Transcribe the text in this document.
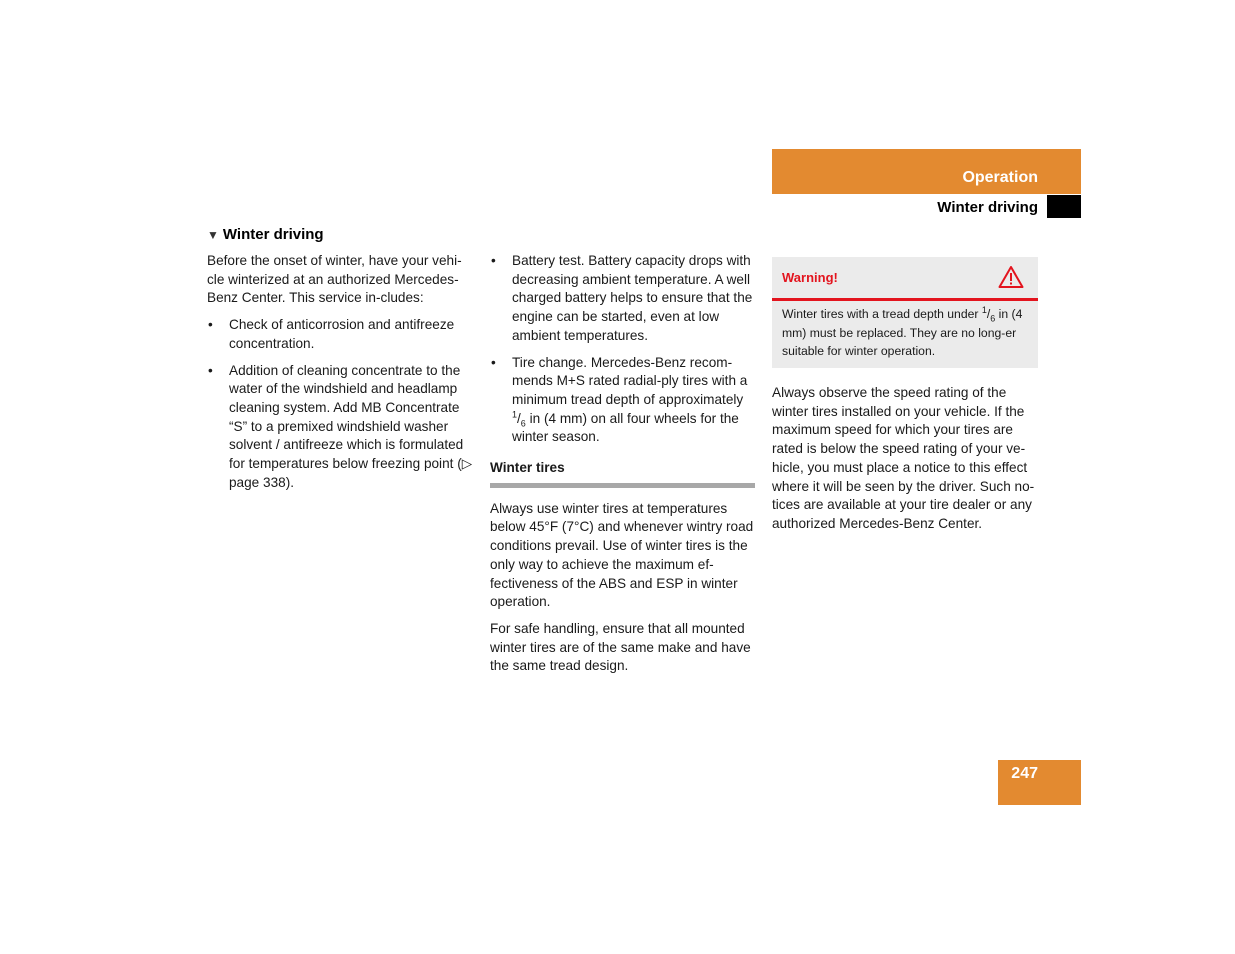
Operation
Winter driving
▼ Winter driving

Before the onset of winter, have your vehi-cle winterized at an authorized Mercedes-Benz Center. This service in-cludes:

• Check of anticorrosion and antifreeze concentration.
• Addition of cleaning concentrate to the water of the windshield and headlamp cleaning system. Add MB Concentrate “S” to a premixed windshield washer solvent / antifreeze which is formulated for temperatures below freezing point (▷ page 338).
• Battery test. Battery capacity drops with decreasing ambient temperature. A well charged battery helps to ensure that the engine can be started, even at low ambient temperatures.
• Tire change. Mercedes-Benz recom-mends M+S rated radial-ply tires with a minimum tread depth of approximately $^1/_6$ in (4 mm) on all four wheels for the winter season.
Winter tires

Always use winter tires at temperatures below 45°F (7°C) and whenever wintry road conditions prevail. Use of winter tires is the only way to achieve the maximum ef-fectiveness of the ABS and ESP in winter operation.

For safe handling, ensure that all mounted winter tires are of the same make and have the same tread design.

Warning!
Winter tires with a tread depth under $^1/_6$ in (4 mm) must be replaced. They are no long-er suitable for winter operation.

Always observe the speed rating of the winter tires installed on your vehicle. If the maximum speed for which your tires are rated is below the speed rating of your ve-hicle, you must place a notice to this effect where it will be seen by the driver. Such no-tices are available at your tire dealer or any authorized Mercedes-Benz Center.

247
